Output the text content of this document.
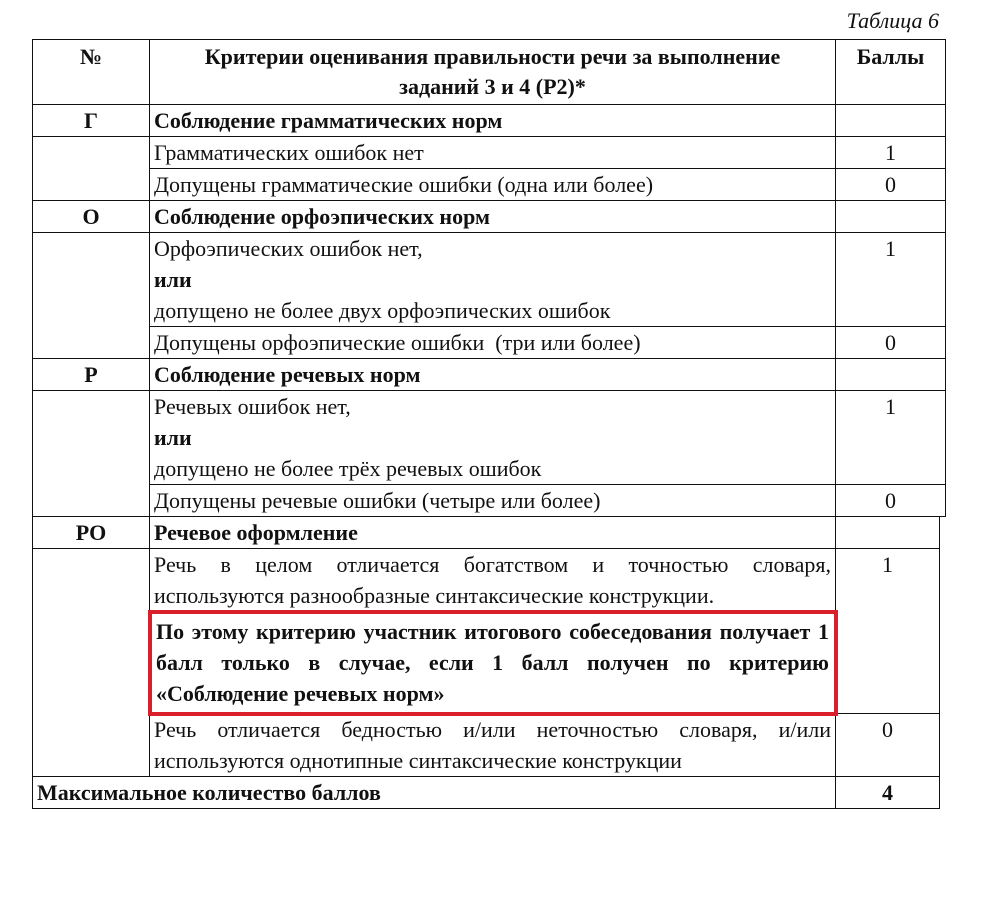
Таблица 6
№	Критерии оценивания правильности речи за выполнение заданий 3 и 4 (Р2)*	Баллы
Г	Соблюдение грамматических норм	
	Грамматических ошибок нет	1
	Допущены грамматические ошибки (одна или более)	0
О	Соблюдение орфоэпических норм	

	Орфоэпических ошибок нет,
или
допущено не более двух орфоэпических ошибок	1
	Допущены орфоэпические ошибки  (три или более)	0
Р	Соблюдение речевых норм	

	Речевых ошибок нет,
или
допущено не более трёх речевых ошибок	1
	Допущены речевые ошибки (четыре или более)	0
РО	Речевое оформление	
	Речь в целом отличается богатством и точностью словаря, используются разнообразные синтаксические конструкции.	1
	По этому критерию участник итогового собеседования получает 1 балл только в случае, если 1 балл получен по критерию «Соблюдение речевых норм»	
	Речь отличается бедностью и/или неточностью словаря, и/или используются однотипные синтаксические конструкции	0
Максимальное количество баллов		4
